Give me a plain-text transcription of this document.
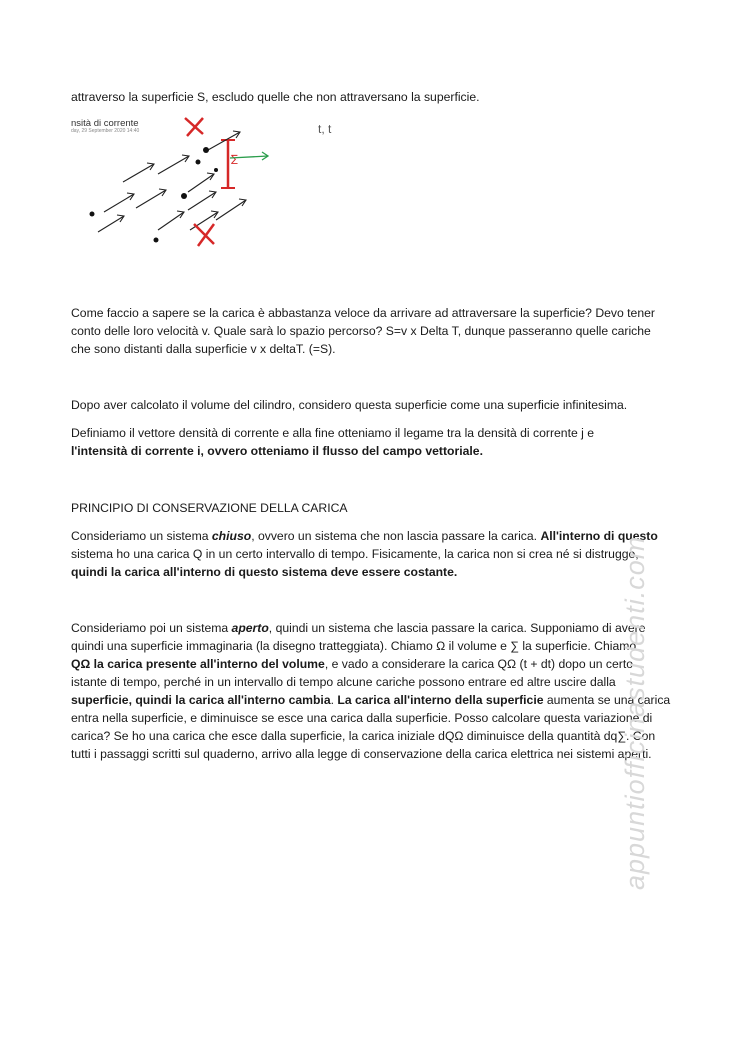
attraverso la superficie S, escludo quelle che non attraversano la superficie.
nsità di corrente
day, 29 September 2020 14:40	t, t
∑
Come faccio a sapere se la carica è abbastanza veloce da arrivare ad attraversare la superficie? Devo tener
conto delle loro velocità v. Quale sarà lo spazio percorso? S=v x Delta T, dunque passeranno quelle cariche
che sono distanti dalla superficie v x deltaT. (=S).
Dopo aver calcolato il volume del cilindro, considero questa superficie come una superficie infinitesima.
Definiamo il vettore densità di corrente e alla fine otteniamo il legame tra la densità di corrente j e
l'intensità di corrente i, ovvero otteniamo il flusso del campo vettoriale.
PRINCIPIO DI CONSERVAZIONE DELLA CARICA
Consideriamo un sistema chiuso, ovvero un sistema che non lascia passare la carica. All'interno di questo
sistema ho una carica Q in un certo intervallo di tempo. Fisicamente, la carica non si crea né si distrugge,
quindi la carica all'interno di questo sistema deve essere costante.
Consideriamo poi un sistema aperto, quindi un sistema che lascia passare la carica. Supponiamo di avere
quindi una superficie immaginaria (la disegno tratteggiata). Chiamo Ω il volume e ∑ la superficie. Chiamo
QΩ la carica presente all'interno del volume, e vado a considerare la carica QΩ (t + dt) dopo un certo
istante di tempo, perché in un intervallo di tempo alcune cariche possono entrare ed altre uscire dalla
superficie, quindi la carica all'interno cambia. La carica all'interno della superficie aumenta se una carica
entra nella superficie, e diminuisce se esce una carica dalla superficie. Posso calcolare questa variazione di
carica? Se ho una carica che esce dalla superficie, la carica iniziale dQΩ diminuisce della quantità dq∑. Con
tutti i passaggi scritti sul quaderno, arrivo alla legge di conservazione della carica elettrica nei sistemi aperti.
appuntiofficinastudenti.com
